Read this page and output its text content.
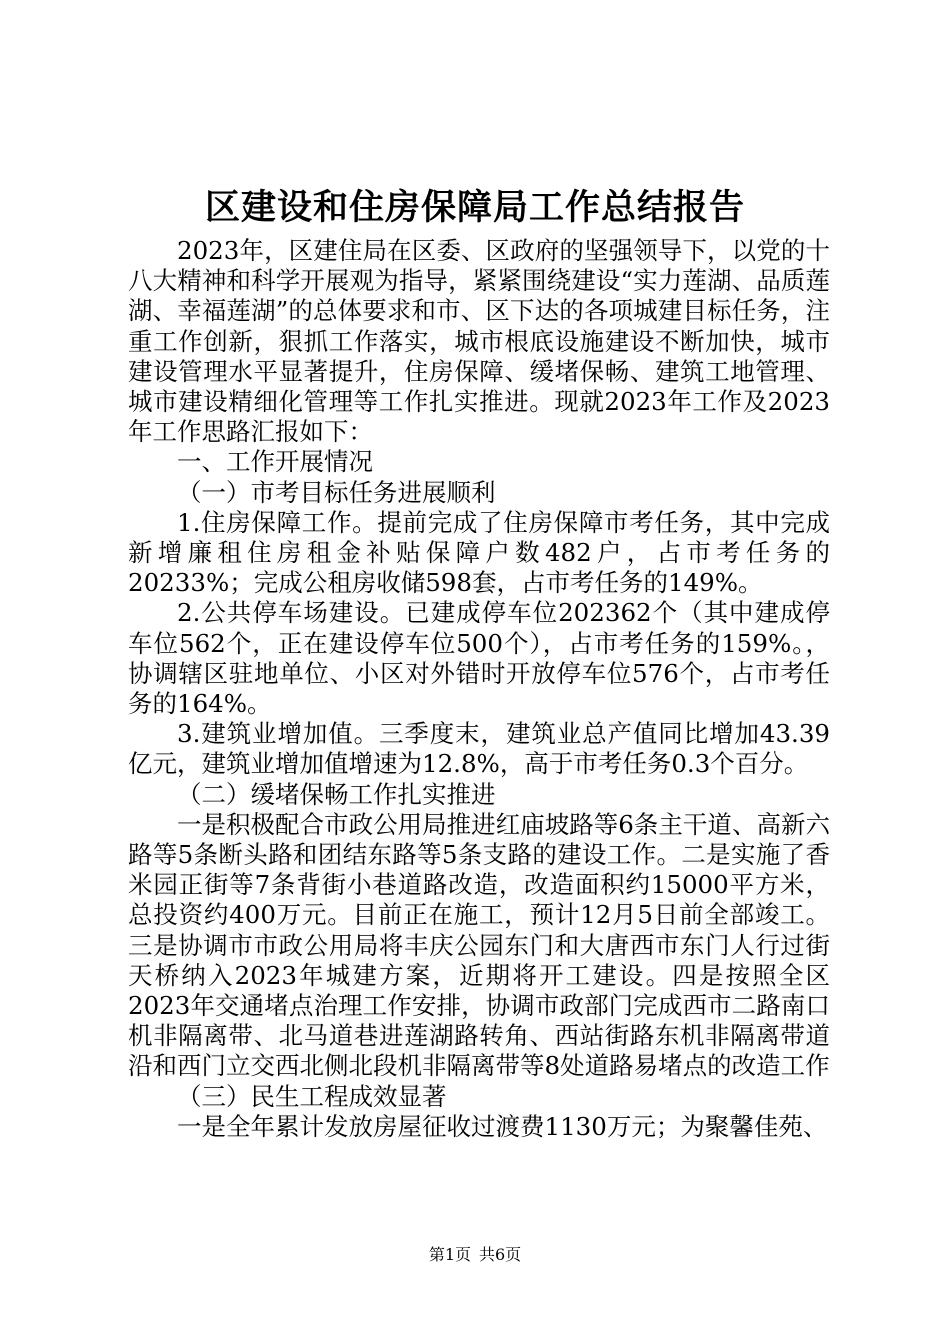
区建设和住房保障局工作总结报告

2023年，区建住局在区委、区政府的坚强领导下，以党的十八大精神和科学开展观为指导，紧紧围绕建设“实力莲湖、品质莲湖、幸福莲湖”的总体要求和市、区下达的各项城建目标任务，注重工作创新，狠抓工作落实，城市根底设施建设不断加快，城市建设管理水平显著提升，住房保障、缓堵保畅、建筑工地管理、城市建设精细化管理等工作扎实推进。现就2023年工作及2023年工作思路汇报如下：

一、工作开展情况

（一）市考目标任务进展顺利

1.住房保障工作。提前完成了住房保障市考任务，其中完成新增廉租住房租金补贴保障户数482户，占市考任务的20233%；完成公租房收储598套，占市考任务的149%。

2.公共停车场建设。已建成停车位202362个（其中建成停车位562个，正在建设停车位500个），占市考任务的159%。，协调辖区驻地单位、小区对外错时开放停车位576个，占市考任务的164%。

3.建筑业增加值。三季度末，建筑业总产值同比增加43.39亿元，建筑业增加值增速为12.8%，高于市考任务0.3个百分。

（二）缓堵保畅工作扎实推进

一是积极配合市政公用局推进红庙坡路等6条主干道、高新六路等5条断头路和团结东路等5条支路的建设工作。二是实施了香米园正街等7条背街小巷道路改造，改造面积约15000平方米，总投资约400万元。目前正在施工，预计12月5日前全部竣工。三是协调市市政公用局将丰庆公园东门和大唐西市东门人行过街天桥纳入2023年城建方案，近期将开工建设。四是按照全区2023年交通堵点治理工作安排，协调市政部门完成西市二路南口机非隔离带、北马道巷进莲湖路转角、西站街路东机非隔离带道沿和西门立交西北侧北段机非隔离带等8处道路易堵点的改造工作

（三）民生工程成效显著

一是全年累计发放房屋征收过渡费1130万元；为聚馨佳苑、

第1页 共6页
